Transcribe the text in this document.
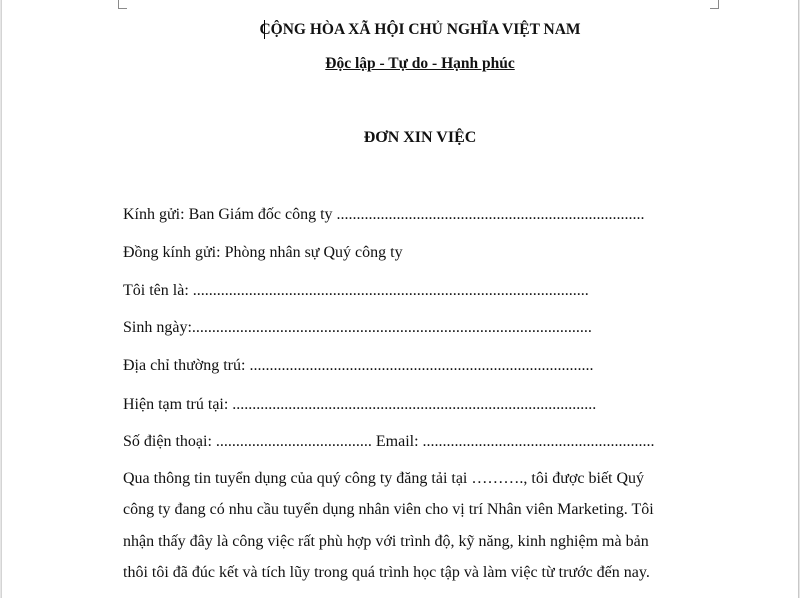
CỘNG HÒA XÃ HỘI CHỦ NGHĨA VIỆT NAM
Độc lập - Tự do - Hạnh phúc
ĐƠN XIN VIỆC
Kính gửi: Ban Giám đốc công ty .............................................................................
Đồng kính gửi: Phòng nhân sự Quý công ty
Tôi tên là: ...................................................................................................
Sinh ngày:....................................................................................................
Địa chỉ thường trú: ......................................................................................
Hiện tạm trú tại: ...........................................................................................
Số điện thoại: ....................................... Email: ..........................................................
Qua thông tin tuyển dụng của quý công ty đăng tải tại ………., tôi được biết Quý
công ty đang có nhu cầu tuyển dụng nhân viên cho vị trí Nhân viên Marketing. Tôi
nhận thấy đây là công việc rất phù hợp với trình độ, kỹ năng, kinh nghiệm mà bản
thôi tôi đã đúc kết và tích lũy trong quá trình học tập và làm việc từ trước đến nay.
